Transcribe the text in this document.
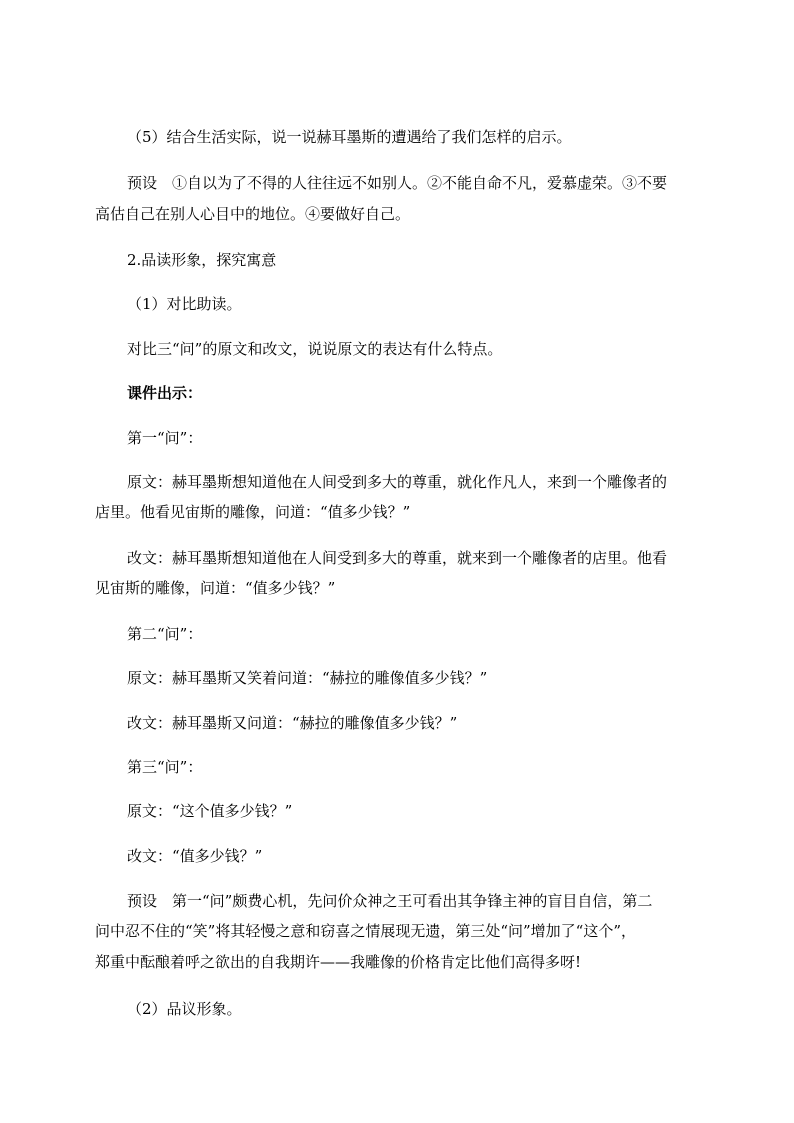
（5）结合生活实际，说一说赫耳墨斯的遭遇给了我们怎样的启示。

预设　①自以为了不得的人往往远不如别人。②不能自命不凡，爱慕虚荣。③不要

高估自己在别人心目中的地位。④要做好自己。

2.品读形象，探究寓意

（1）对比助读。

对比三“问”的原文和改文，说说原文的表达有什么特点。

课件出示：

第一“问”：

原文：赫耳墨斯想知道他在人间受到多大的尊重，就化作凡人，来到一个雕像者的

店里。他看见宙斯的雕像，问道：“值多少钱？”

改文：赫耳墨斯想知道他在人间受到多大的尊重，就来到一个雕像者的店里。他看

见宙斯的雕像，问道：“值多少钱？”

第二“问”：

原文：赫耳墨斯又笑着问道：“赫拉的雕像值多少钱？”

改文：赫耳墨斯又问道：“赫拉的雕像值多少钱？”

第三“问”：

原文：“这个值多少钱？”

改文：“值多少钱？”

预设　第一“问”颇费心机，先问价众神之王可看出其争锋主神的盲目自信，第二

问中忍不住的“笑”将其轻慢之意和窃喜之情展现无遗，第三处“问”增加了“这个”，

郑重中酝酿着呼之欲出的自我期许——我雕像的价格肯定比他们高得多呀!

（2）品议形象。
